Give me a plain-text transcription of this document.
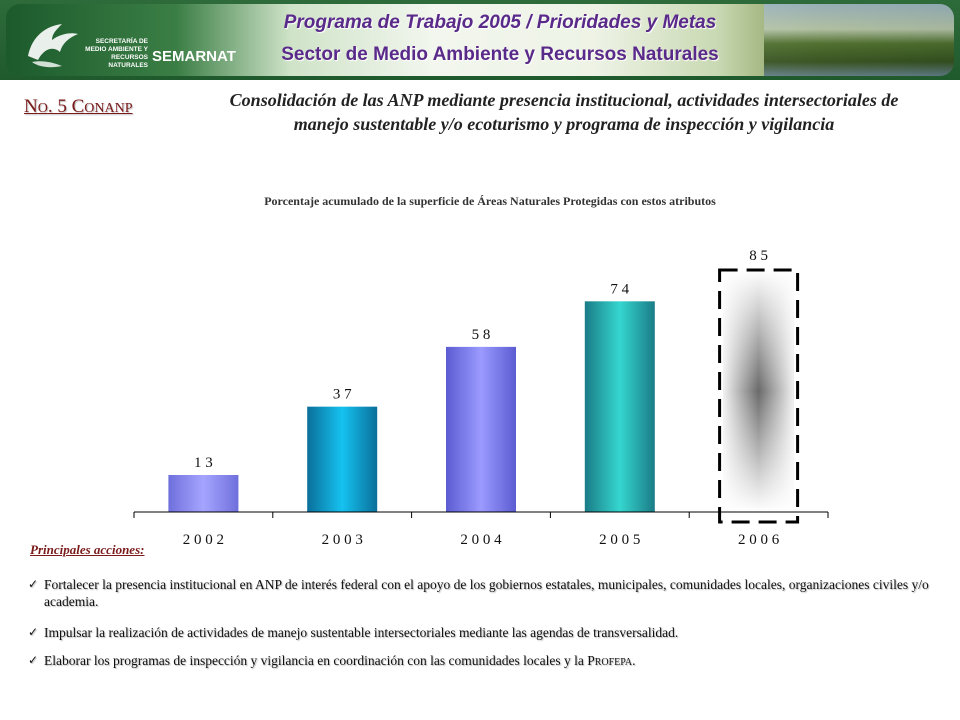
SECRETARÍA DE
MEDIO AMBIENTE Y
RECURSOS NATURALES
SEMARNAT
Programa de Trabajo 2005 / Prioridades y Metas
Sector de Medio Ambiente y Recursos Naturales
NO. 5 CONANP	Consolidación de las ANP mediante presencia institucional, actividades intersectoriales de manejo sustentable y/o ecoturismo y programa de inspección y vigilancia
Porcentaje acumulado de la superficie de Áreas Naturales Protegidas con estos atributos
1 3
3 7
5 8
7 4
8 5
2 0 0 2	2 0 0 3	2 0 0 4	2 0 0 5	2 0 0 6
Principales acciones:
✓ Fortalecer la presencia institucional en ANP de interés federal con el apoyo de los gobiernos estatales, municipales, comunidades locales, organizaciones civiles y/o academia.
✓ Impulsar la realización de actividades de manejo sustentable intersectoriales mediante las agendas de transversalidad.
✓ Elaborar los programas de inspección y vigilancia en coordinación con las comunidades locales y la PROFEPA.
